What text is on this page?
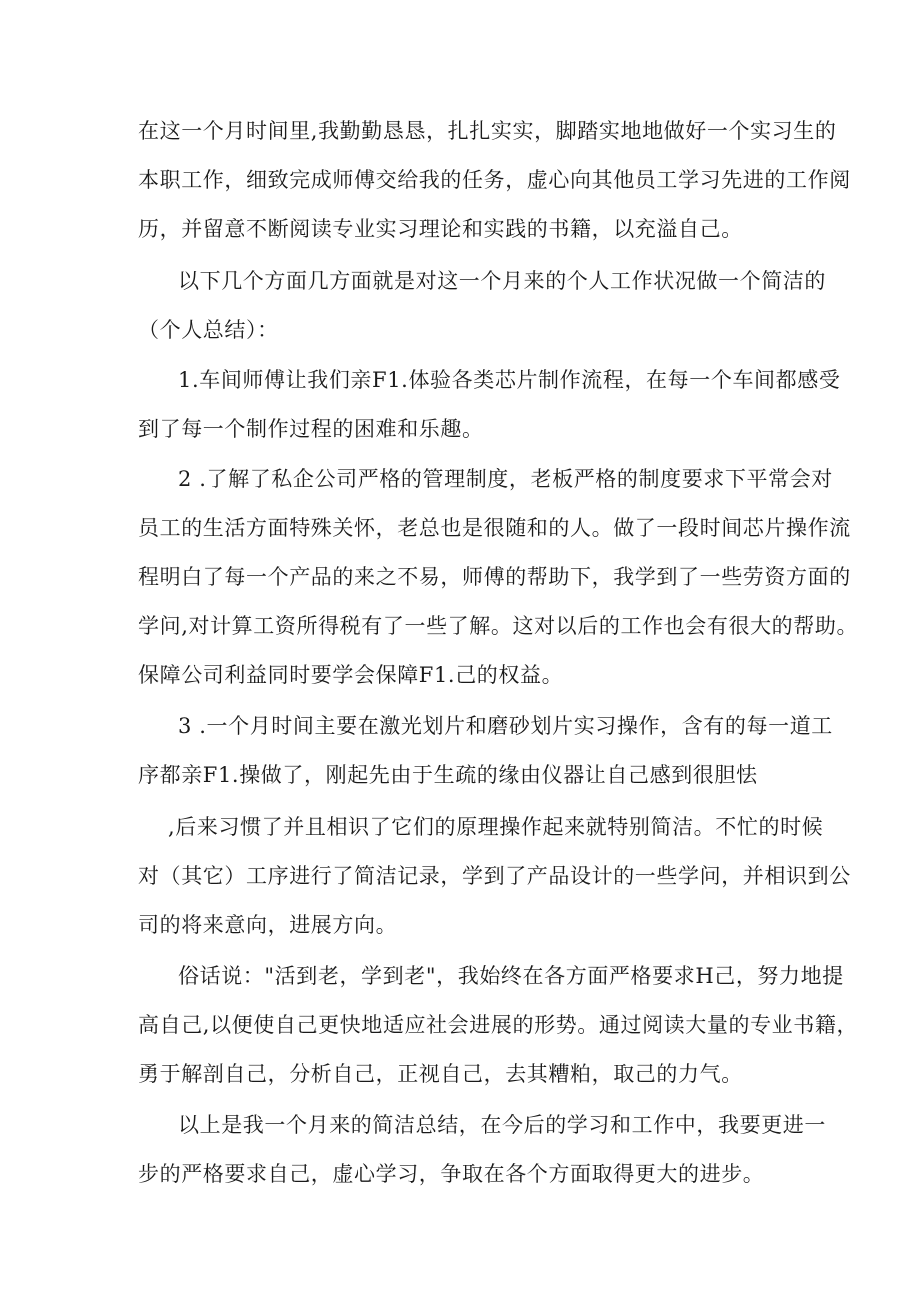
在这一个月时间里,我勤勤恳恳，扎扎实实，脚踏实地地做好一个实习生的
本职工作，细致完成师傅交给我的任务，虚心向其他员工学习先进的工作阅
历，并留意不断阅读专业实习理论和实践的书籍，以充溢自己。
以下几个方面几方面就是对这一个月来的个人工作状况做一个简洁的
（个人总结）：
1.车间师傅让我们亲F1.体验各类芯片制作流程，在每一个车间都感受
到了每一个制作过程的困难和乐趣。
2 .了解了私企公司严格的管理制度，老板严格的制度要求下平常会对
员工的生活方面特殊关怀，老总也是很随和的人。做了一段时间芯片操作流
程明白了每一个产品的来之不易，师傅的帮助下，我学到了一些劳资方面的
学问,对计算工资所得税有了一些了解。这对以后的工作也会有很大的帮助。
保障公司利益同时要学会保障F1.己的权益。
3 .一个月时间主要在激光划片和磨砂划片实习操作，含有的每一道工
序都亲F1.操做了，刚起先由于生疏的缘由仪器让自己感到很胆怯
,后来习惯了并且相识了它们的原理操作起来就特别简洁。不忙的时候
对（其它）工序进行了简洁记录，学到了产品设计的一些学问，并相识到公
司的将来意向，进展方向。
俗话说："活到老，学到老"，我始终在各方面严格要求H己，努力地提
高自己,以便使自己更快地适应社会进展的形势。通过阅读大量的专业书籍，
勇于解剖自己，分析自己，正视自己，去其糟粕，取己的力气。
以上是我一个月来的简洁总结，在今后的学习和工作中，我要更进一
步的严格要求自己，虚心学习，争取在各个方面取得更大的进步。
